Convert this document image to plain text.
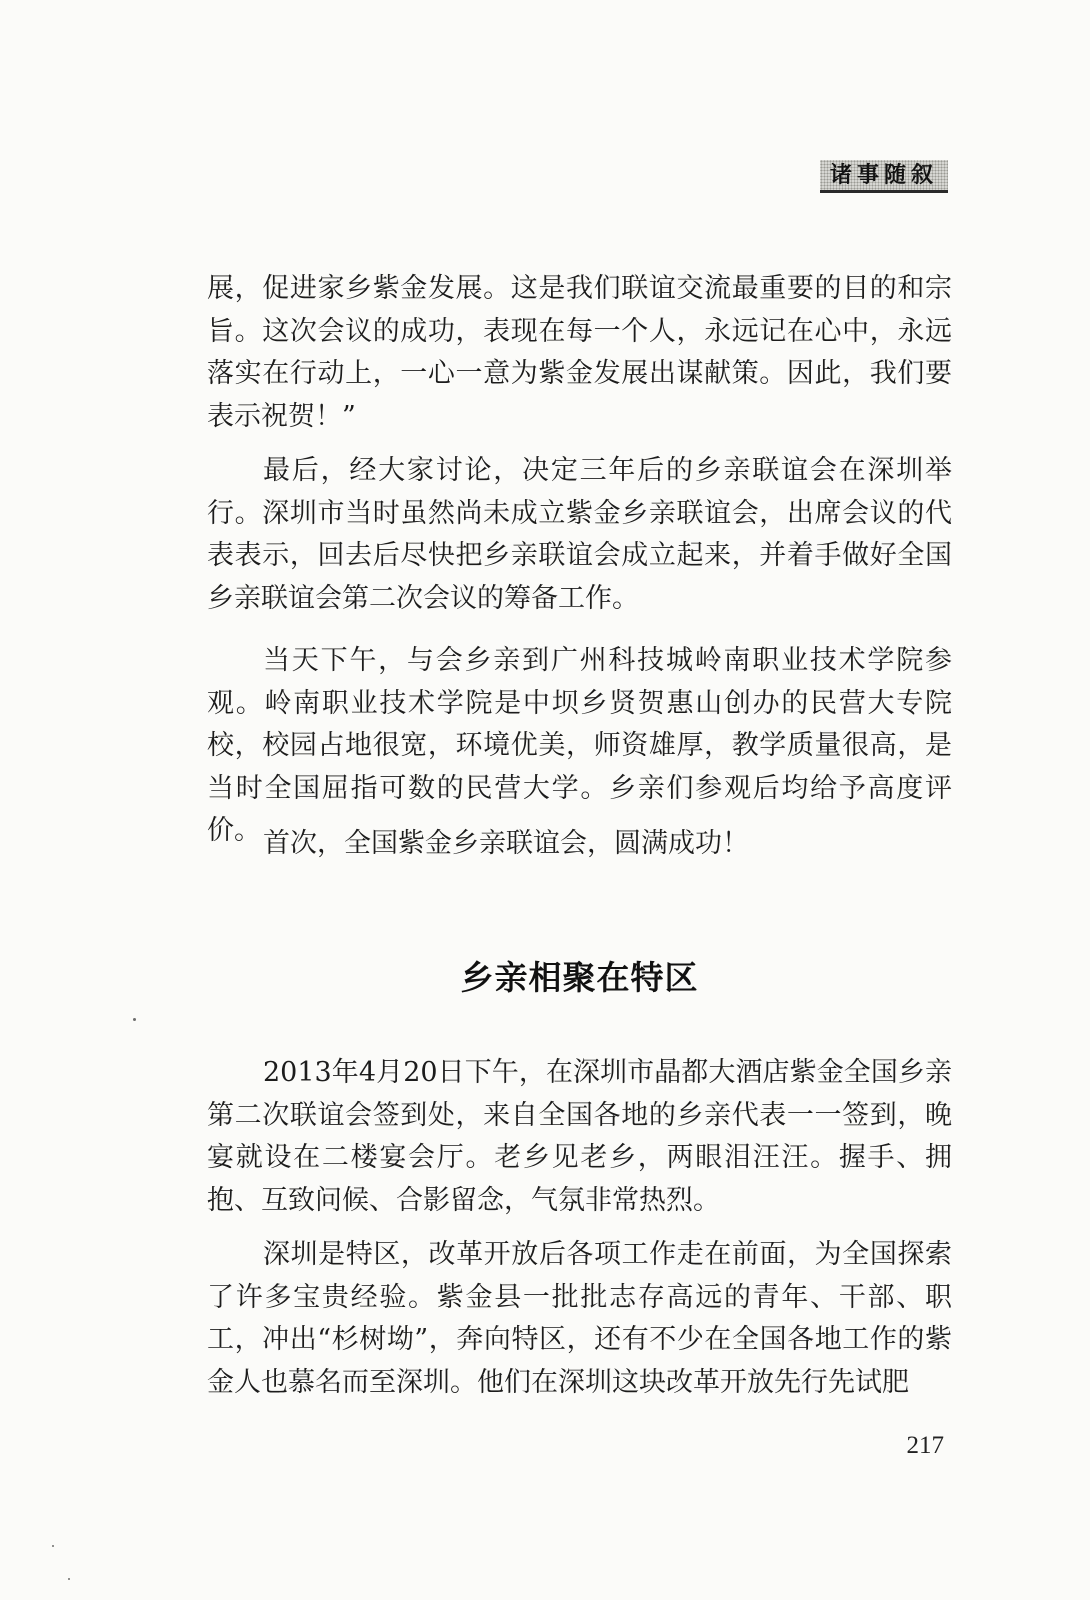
诸事随叙

展，促进家乡紫金发展。这是我们联谊交流最重要的目的和宗旨。这次会议的成功，表现在每一个人，永远记在心中，永远落实在行动上，一心一意为紫金发展出谋献策。因此，我们要表示祝贺！”

最后，经大家讨论，决定三年后的乡亲联谊会在深圳举行。深圳市当时虽然尚未成立紫金乡亲联谊会，出席会议的代表表示，回去后尽快把乡亲联谊会成立起来，并着手做好全国乡亲联谊会第二次会议的筹备工作。

当天下午，与会乡亲到广州科技城岭南职业技术学院参观。岭南职业技术学院是中坝乡贤贺惠山创办的民营大专院校，校园占地很宽，环境优美，师资雄厚，教学质量很高，是当时全国屈指可数的民营大学。乡亲们参观后均给予高度评价。 首次，全国紫金乡亲联谊会，圆满成功！

乡亲相聚在特区

2013年4月20日下午，在深圳市晶都大酒店紫金全国乡亲第二次联谊会签到处，来自全国各地的乡亲代表一一签到，晚宴就设在二楼宴会厅。老乡见老乡，两眼泪汪汪。握手、拥抱、互致问候、合影留念，气氛非常热烈。

深圳是特区，改革开放后各项工作走在前面，为全国探索了许多宝贵经验。紫金县一批批志存高远的青年、干部、职工，冲出“杉树坳”，奔向特区，还有不少在全国各地工作的紫金人也慕名而至深圳。他们在深圳这块改革开放先行先试肥

217
